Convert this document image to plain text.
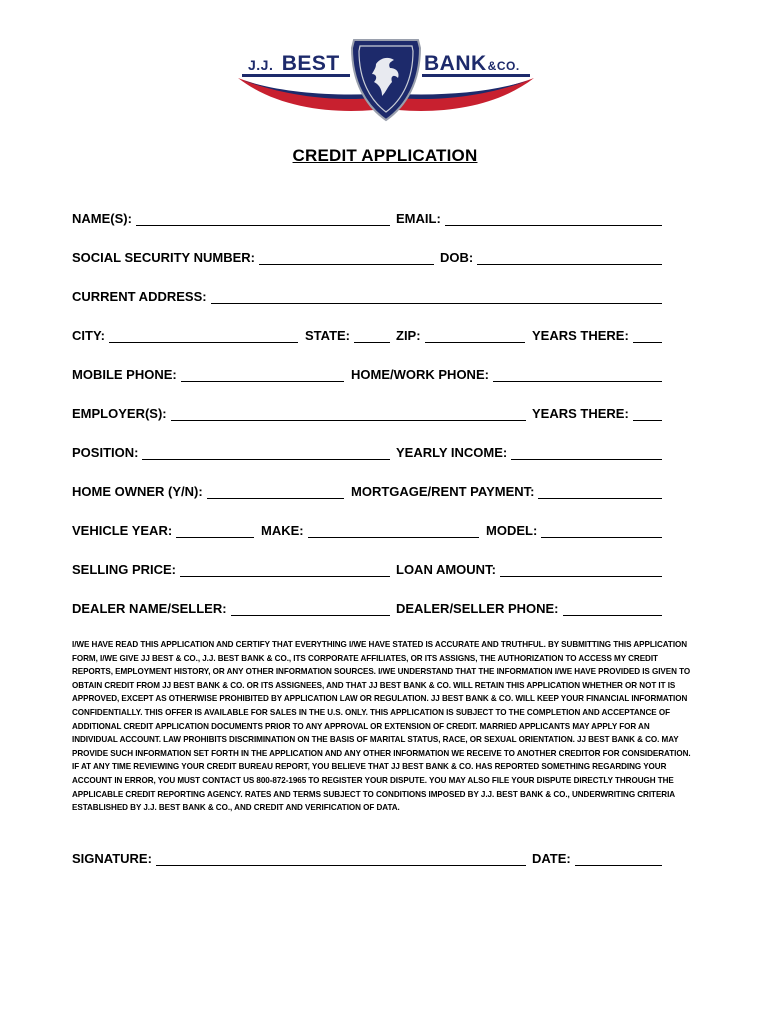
J.J. BEST	BANK&CO.
CREDIT APPLICATION
NAME(S):	EMAIL:
SOCIAL SECURITY NUMBER:	DOB:
CURRENT ADDRESS:
CITY:	STATE:	ZIP:	YEARS THERE:
MOBILE PHONE:	HOME/WORK PHONE:
EMPLOYER(S):	YEARS THERE:
POSITION:	YEARLY INCOME:
HOME OWNER (Y/N):	MORTGAGE/RENT PAYMENT:
VEHICLE YEAR:	MAKE:	MODEL:
SELLING PRICE:	LOAN AMOUNT:
DEALER NAME/SELLER:	DEALER/SELLER PHONE:
I/WE HAVE READ THIS APPLICATION AND CERTIFY THAT EVERYTHING I/WE HAVE STATED IS ACCURATE AND TRUTHFUL. BY SUBMITTING THIS APPLICATION FORM, I/WE GIVE JJ BEST & CO., J.J. BEST BANK & CO., ITS CORPORATE AFFILIATES, OR ITS ASSIGNS, THE AUTHORIZATION TO ACCESS MY CREDIT REPORTS, EMPLOYMENT HISTORY, OR ANY OTHER INFORMATION SOURCES. I/WE UNDERSTAND THAT THE INFORMATION I/WE HAVE PROVIDED IS GIVEN TO OBTAIN CREDIT FROM JJ BEST BANK & CO. OR ITS ASSIGNEES, AND THAT JJ BEST BANK & CO. WILL RETAIN THIS APPLICATION WHETHER OR NOT IT IS APPROVED, EXCEPT AS OTHERWISE PROHIBITED BY APPLICATION LAW OR REGULATION. JJ BEST BANK & CO. WILL KEEP YOUR FINANCIAL INFORMATION CONFIDENTIALLY. THIS OFFER IS AVAILABLE FOR SALES IN THE U.S. ONLY. THIS APPLICATION IS SUBJECT TO THE COMPLETION AND ACCEPTANCE OF ADDITIONAL CREDIT APPLICATION DOCUMENTS PRIOR TO ANY APPROVAL OR EXTENSION OF CREDIT. MARRIED APPLICANTS MAY APPLY FOR AN INDIVIDUAL ACCOUNT. LAW PROHIBITS DISCRIMINATION ON THE BASIS OF MARITAL STATUS, RACE, OR SEXUAL ORIENTATION. JJ BEST BANK & CO. MAY PROVIDE SUCH INFORMATION SET FORTH IN THE APPLICATION AND ANY OTHER INFORMATION WE RECEIVE TO ANOTHER CREDITOR FOR CONSIDERATION. IF AT ANY TIME REVIEWING YOUR CREDIT BUREAU REPORT, YOU BELIEVE THAT JJ BEST BANK & CO. HAS REPORTED SOMETHING REGARDING YOUR ACCOUNT IN ERROR, YOU MUST CONTACT US 800-872-1965 TO REGISTER YOUR DISPUTE. YOU MAY ALSO FILE YOUR DISPUTE DIRECTLY THROUGH THE APPLICABLE CREDIT REPORTING AGENCY. RATES AND TERMS SUBJECT TO CONDITIONS IMPOSED BY J.J. BEST BANK & CO., UNDERWRITING CRITERIA ESTABLISHED BY J.J. BEST BANK & CO., AND CREDIT AND VERIFICATION OF DATA.
SIGNATURE:	DATE:
